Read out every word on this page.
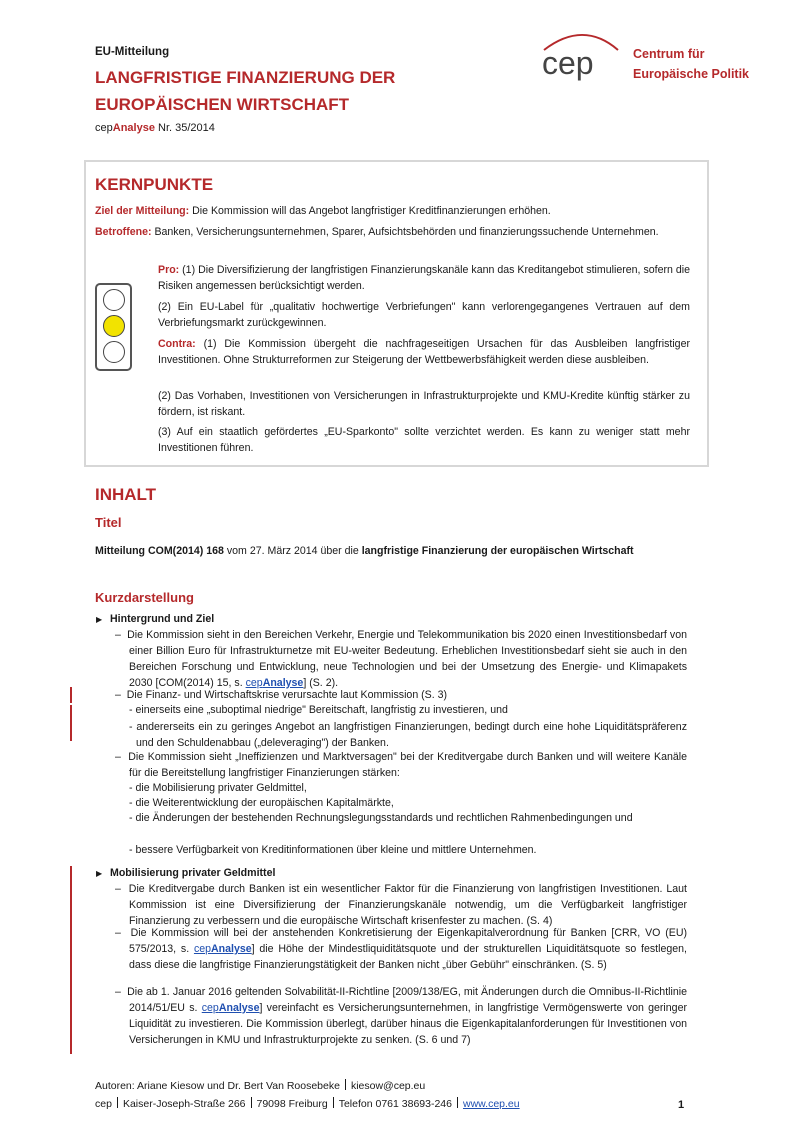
EU-Mitteilung
LANGFRISTIGE FINANZIERUNG DER
EUROPÄISCHEN WIRTSCHAFT
cepAnalyse Nr. 35/2014
cep	Centrum für
Europäische Politik
KERNPUNKTE
Ziel der Mitteilung: Die Kommission will das Angebot langfristiger Kreditfinanzierungen erhöhen.
Betroffene: Banken, Versicherungsunternehmen, Sparer, Aufsichtsbehörden und finanzierungssuchende Unternehmen.
Pro: (1) Die Diversifizierung der langfristigen Finanzierungskanäle kann das Kreditangebot stimulieren, sofern die Risiken angemessen berücksichtigt werden.
(2) Ein EU-Label für „qualitativ hochwertige Verbriefungen" kann verlorengegangenes Vertrauen auf dem Verbriefungsmarkt zurückgewinnen.
Contra: (1) Die Kommission übergeht die nachfrageseitigen Ursachen für das Ausbleiben langfristiger Investitionen. Ohne Strukturreformen zur Steigerung der Wettbewerbsfähigkeit werden diese ausbleiben.
(2) Das Vorhaben, Investitionen von Versicherungen in Infrastrukturprojekte und KMU-Kredite künftig stärker zu fördern, ist riskant.
(3) Auf ein staatlich gefördertes „EU-Sparkonto" sollte verzichtet werden. Es kann zu weniger statt mehr Investitionen führen.
INHALT
Titel
Mitteilung COM(2014) 168 vom 27. März 2014 über die langfristige Finanzierung der europäischen Wirtschaft
Kurzdarstellung
▶ Hintergrund und Ziel
–  Die Kommission sieht in den Bereichen Verkehr, Energie und Telekommunikation bis 2020 einen Investitionsbedarf von einer Billion Euro für Infrastrukturnetze mit EU-weiter Bedeutung. Erheblichen Investitionsbedarf sieht sie auch in den Bereichen Forschung und Entwicklung, neue Technologien und bei der Umsetzung des Energie- und Klimapakets 2030 [COM(2014) 15, s. cepAnalyse] (S. 2).
–  Die Finanz- und Wirtschaftskrise verursachte laut Kommission (S. 3)
- einerseits eine „suboptimal niedrige" Bereitschaft, langfristig zu investieren, und
- andererseits ein zu geringes Angebot an langfristigen Finanzierungen, bedingt durch eine hohe Liquiditätspräferenz und den Schuldenabbau („deleveraging") der Banken.
–  Die Kommission sieht „Ineffizienzen und Marktversagen" bei der Kreditvergabe durch Banken und will weitere Kanäle für die Bereitstellung langfristiger Finanzierungen stärken:
- die Mobilisierung privater Geldmittel,
- die Weiterentwicklung der europäischen Kapitalmärkte,
- die Änderungen der bestehenden Rechnungslegungsstandards und rechtlichen Rahmenbedingungen und
- bessere Verfügbarkeit von Kreditinformationen über kleine und mittlere Unternehmen.
▶ Mobilisierung privater Geldmittel
–  Die Kreditvergabe durch Banken ist ein wesentlicher Faktor für die Finanzierung von langfristigen Investitionen. Laut Kommission ist eine Diversifizierung der Finanzierungskanäle notwendig, um die Verfügbarkeit langfristiger Finanzierung zu verbessern und die europäische Wirtschaft krisenfester zu machen. (S. 4)
–  Die Kommission will bei der anstehenden Konkretisierung der Eigenkapitalverordnung für Banken [CRR, VO (EU) 575/2013, s. cepAnalyse] die Höhe der Mindestliquiditätsquote und der strukturellen Liquiditätsquote so festlegen, dass diese die langfristige Finanzierungstätigkeit der Banken nicht „über Gebühr" einschränken. (S. 5)
–  Die ab 1. Januar 2016 geltenden Solvabilität-II-Richtline [2009/138/EG, mit Änderungen durch die Omnibus-II-Richtlinie 2014/51/EU s. cepAnalyse] vereinfacht es Versicherungsunternehmen, in langfristige Vermögenswerte von geringer Liquidität zu investieren. Die Kommission überlegt, darüber hinaus die Eigenkapitalanforderungen für Investitionen von Versicherungen in KMU und Infrastrukturprojekte zu senken. (S. 6 und 7)
Autoren: Ariane Kiesow und Dr. Bert Van Roosebeke kiesow@cep.eu
cep Kaiser-Joseph-Straße 266 79098 Freiburg Telefon 0761 38693-246 www.cep.eu	1
